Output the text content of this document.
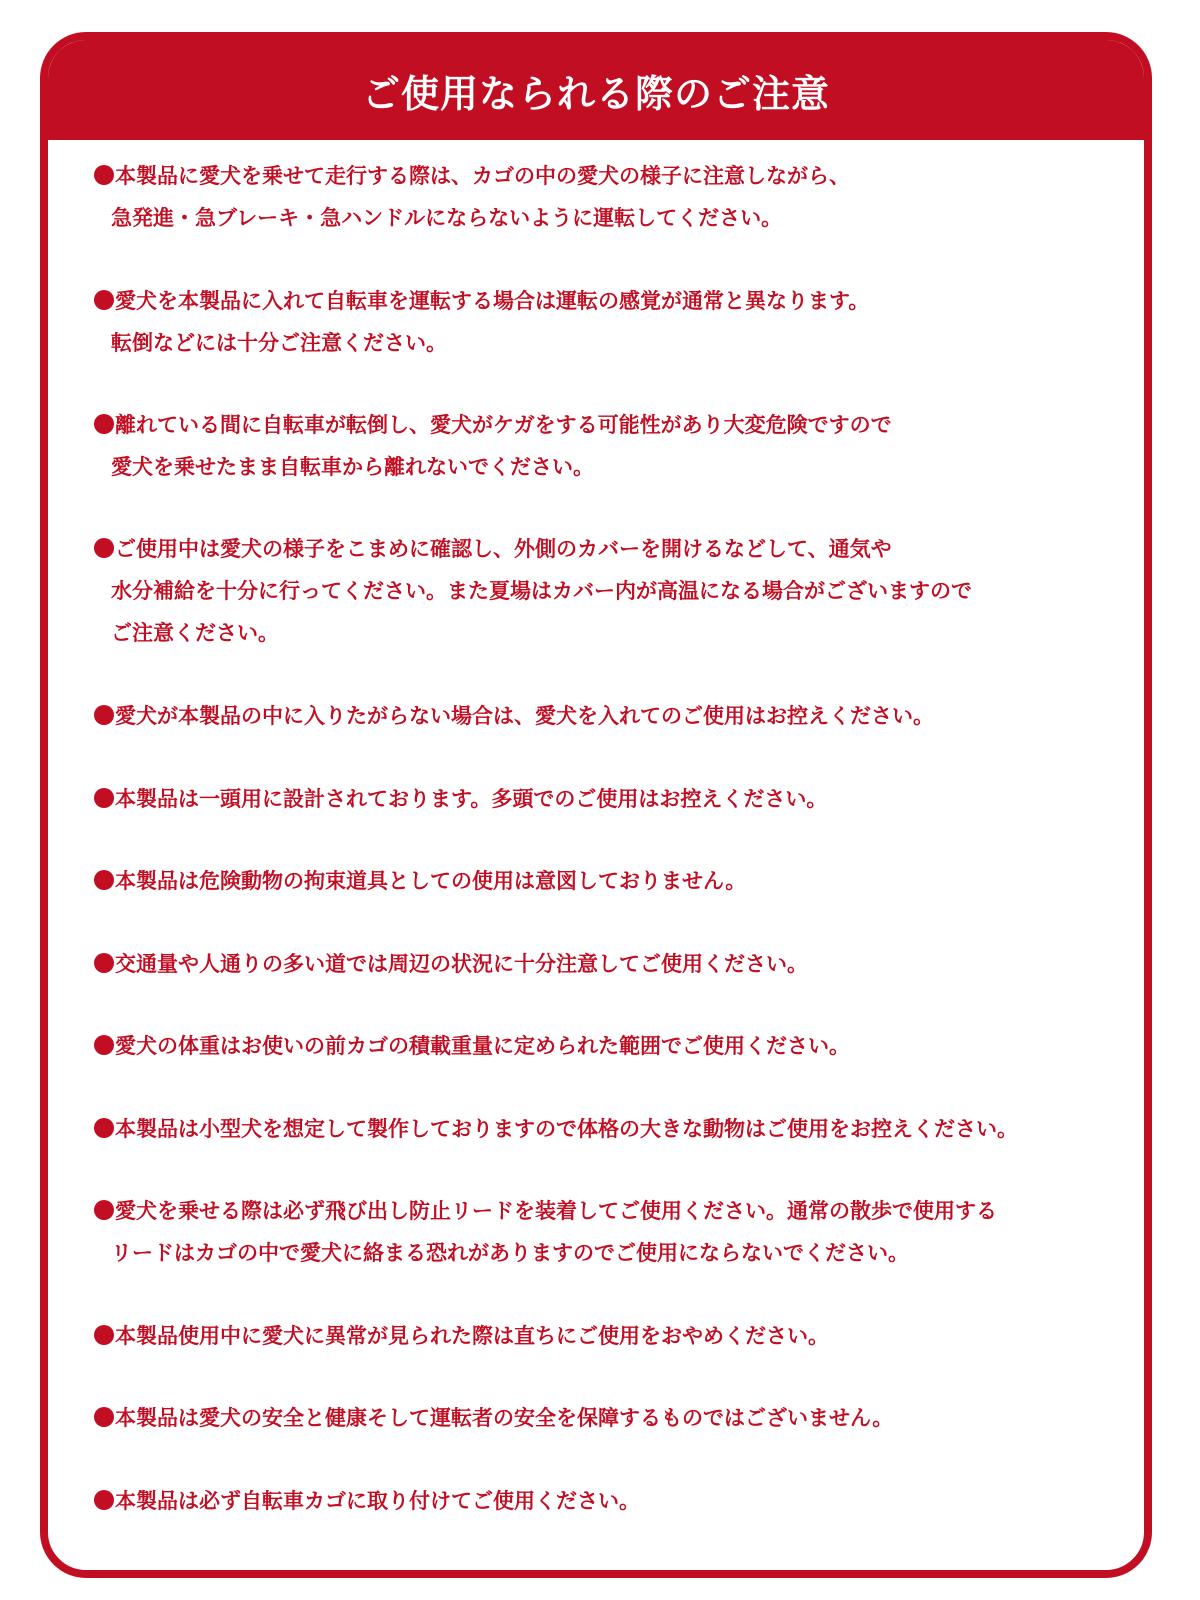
ご使用なられる際のご注意
本製品に愛犬を乗せて走行する際は、カゴの中の愛犬の様子に注意しながら、
急発進・急ブレーキ・急ハンドルにならないように運転してください。
愛犬を本製品に入れて自転車を運転する場合は運転の感覚が通常と異なります。
転倒などには十分ご注意ください。
離れている間に自転車が転倒し、愛犬がケガをする可能性があり大変危険ですので
愛犬を乗せたまま自転車から離れないでください。
ご使用中は愛犬の様子をこまめに確認し、外側のカバーを開けるなどして、通気や
水分補給を十分に行ってください。また夏場はカバー内が高温になる場合がございますので
ご注意ください。
愛犬が本製品の中に入りたがらない場合は、愛犬を入れてのご使用はお控えください。
本製品は一頭用に設計されております。多頭でのご使用はお控えください。
本製品は危険動物の拘束道具としての使用は意図しておりません。
交通量や人通りの多い道では周辺の状況に十分注意してご使用ください。
愛犬の体重はお使いの前カゴの積載重量に定められた範囲でご使用ください。
本製品は小型犬を想定して製作しておりますので体格の大きな動物はご使用をお控えください。
愛犬を乗せる際は必ず飛び出し防止リードを装着してご使用ください。通常の散歩で使用する
リードはカゴの中で愛犬に絡まる恐れがありますのでご使用にならないでください。
本製品使用中に愛犬に異常が見られた際は直ちにご使用をおやめください。
本製品は愛犬の安全と健康そして運転者の安全を保障するものではございません。
本製品は必ず自転車カゴに取り付けてご使用ください。
